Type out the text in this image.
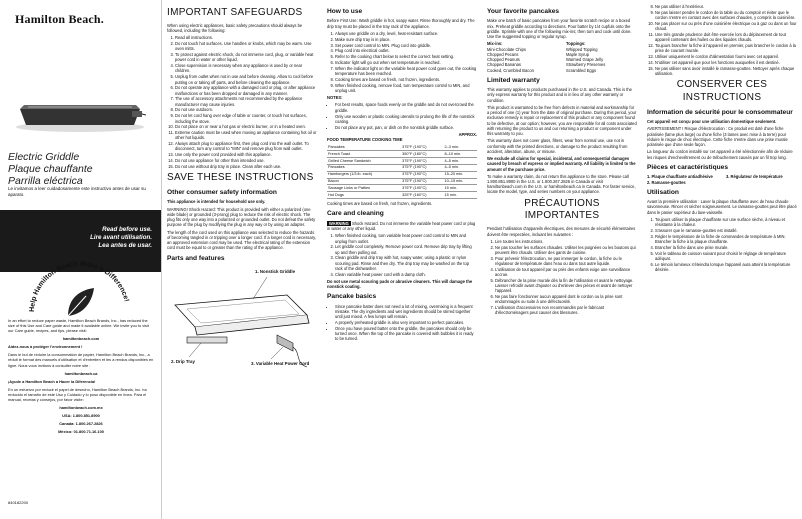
Hamilton Beach.

Electric Griddle

Plaque chauffante

Parrilla eléctrica

Le invitamos a leer cuidadosamente este instructivo antes de usar su aparato.
Read before use.
Lire avant utilisation.
Lea antes de usar.
Help Hamilton Beach Make a Difference!

In an effort to reduce paper waste, Hamilton Beach Brands, Inc., has reduced the size of this Use and Care guide and made it available online. We invite you to visit our Care guide, recipes, and tips, please visit:

hamiltonbeach.com

Aidez-nous à protéger l'environnement !

Dans le but de réduire la consommation de papier, Hamilton Beach Brands, Inc., a réduit le format des manuels d'utilisation et d'entretien et les a rendus disponibles en ligne. Nous vous invitons à consulter notre site :

hamiltonbeach.ca

¡Ayude a Hamilton Beach a Hacer la Diferencia!

En un esfuerzo por reducir el papel de desecho, Hamilton Beach Brands, Inc. ha reducido el tamaño de este Uso y Cuidado y lo puso disponible en línea. Para el manual, recetas y consejos, por favor visite:

hamiltonbeach.com.mx

USA: 1.800.851.8900

Canada: 1.800.267.2826

México: 01.800.71.16.100

840182200
IMPORTANT SAFEGUARDS

When using electric appliances, basic safety precautions should always be followed, including the following:

1. Read all instructions.
2. Do not touch hot surfaces. Use handles or knobs, which may be warm. Use oven mitts.
3. To protect against electric shock, do not immerse cord, plug, or variable heat power cord in water or other liquid.
4. Close supervision is necessary when any appliance is used by or near children.
5. Unplug from outlet when not in use and before cleaning. Allow to cool before putting on or taking off parts, and before cleaning the appliance.
6. Do not operate any appliance with a damaged cord or plug, or after appliance malfunctions or has been dropped or damaged in any manner.
7. The use of accessory attachments not recommended by the appliance manufacturer may cause injuries.
8. Do not use outdoors.
9. Do not let cord hang over edge of table or counter, or touch hot surfaces, including the stove.
10. Do not place on or near a hot gas or electric burner, or in a heated oven.
11. Extreme caution must be used when moving an appliance containing hot oil or other hot liquids.
12. Always attach plug to appliance first, then plug cord into the wall outlet. To disconnect, turn any control to "MIN" and remove plug from wall outlet.
13. Use only the power cord provided with this appliance.
14. Do not use appliance for other than intended use.
15. Do not use without drip tray in place. Clean after each use.
SAVE THESE INSTRUCTIONS
Other consumer safety information

This appliance is intended for household use only.

WARNING! Shock Hazard: This product is provided with either a polarized (one wide blade) or grounded (3-prong) plug to reduce the risk of electric shock. The plug fits only one way into a polarized or grounded outlet. Do not defeat the safety purpose of the plug by modifying the plug in any way or by using an adapter.

The length of the cord used on this appliance was selected to reduce the hazards of becoming tangled in or tripping over a longer cord. If a longer cord is necessary, an approved extension cord may be used. The electrical rating of the extension cord must be equal to or greater than the rating of the appliance.

Parts and features
1. Nonstick Griddle
2. Drip Tray	3. Variable Heat Power Cord
How to use

Before First Use: Wash griddle in hot, soapy water. Rinse thoroughly and dry. The drip tray must be placed in the tray rack of the appliance.

1. Always use griddle on a dry, level, heat-resistant surface.
2. Make sure drip tray is in place.
3. Set power cord control to MIN. Plug cord into griddle.
4. Plug cord into electrical outlet.
5. Refer to the cooking chart below to select the correct heat setting.
6. Indicator light will go out when set temperature is reached.
7. When the indicator light on the variable heat power cord goes out, the cooking temperature has been reached.
8. Cooking times are based on fresh, not frozen, ingredients.
9. When finished cooking, remove food, turn temperature control to MIN, and unplug unit.

NOTES:

• For best results, space foods evenly on the griddle and do not overcrowd the griddle.
• Only use wooden or plastic cooking utensils to prolong the life of the nonstick coating.
• Do not place any pot, pan, or dish on the nonstick griddle surface.

APPROX.

FOOD TEMPERATURE COOKING TIME

Pancakes	375°F (190°C)	2–3 min.
French Toast	350°F (180°C)	8–10 min.
Grilled Cheese Sandwich	375°F (190°C)	4–5 min.
Pancakes	375°F (190°C)	4–5 min.
Hamburgers (1/3 lb. each)	375°F (190°C)	15–20 min.
Bacon	375°F (190°C)	10–15 min.
Sausage Links or Patties	375°F (190°C)	15 min.
Hot Dogs	325°F (160°C)	15 min.

Cooking times are based on fresh, not frozen, ingredients.

Care and cleaning

WARNING Shock Hazard. Do not immerse the variable heat power cord or plug in water or any other liquid.

1. When finished cooking, turn variable heat power cord control to MIN and unplug from outlet.
2. Let griddle cool completely. Remove power cord. Remove drip tray by lifting up and then pulling out.
3. Clean griddle and drip tray with hot, soapy water, using a plastic or nylon scouring pad. Rinse and then dry. The drip tray may be washed on the top rack of the dishwasher.
4. Clean variable heat power cord with a damp cloth.

Do not use metal scouring pads or abrasive cleaners. This will damage the nonstick coating.

Pancake basics
• Since pancake batter does not need a lot of mixing, overmixing is a frequent mistake. The dry ingredients and wet ingredients should be stirred together until just mixed. A few lumps will remain.
• A properly preheated griddle is also very important to perfect pancakes.
• Once you have poured batter onto the griddle, the pancakes should only be turned once. When the top of the pancake is covered with bubbles it is ready to be turned.
Your favorite pancakes

Make one batch of basic pancakes from your favorite scratch recipe or a boxed mix. Preheat griddle according to directions. Pour batter by 1/4 cupfuls onto the griddle. Sprinkle with one of the following mix-ins; then turn and cook until done. Use the suggested topping or regular syrup.

Mix-ins:
Mini-Chocolate Chips
Chopped Pecans
Chopped Peanuts
Chopped Bananas
Cooked, Crumbled Bacon
Toppings:
Whipped Topping
Maple Syrup
Warmed Grape Jelly
Strawberry Preserves
Scrambled Eggs
Limited warranty

This warranty applies to products purchased in the U.S. and Canada. This is the only express warranty for this product and is in lieu of any other warranty or condition.

This product is warranted to be free from defects in material and workmanship for a period of one (1) year from the date of original purchase. During this period, your exclusive remedy is repair or replacement of this product or any component found to be defective, at our option; however, you are responsible for all costs associated with returning the product to us and our returning a product or component under this warranty to you.

This warranty does not cover glass, filters, wear from normal use, use not in conformity with the printed directions, or damage to the product resulting from accident, alteration, abuse, or misuse.

We exclude all claims for special, incidental, and consequential damages caused by breach of express or implied warranty. All liability is limited to the amount of the purchase price.

To make a warranty claim, do not return this appliance to the store. Please call 1.800.851.8900 in the U.S. or 1.800.267.2826 in Canada or visit hamiltonbeach.com in the U.S. or hamiltonbeach.ca in Canada. For faster service, locate the model, type, and series numbers on your appliance.

PRÉCAUTIONS IMPORTANTES

Pendant l'utilisation d'appareils électriques, des mesures de sécurité élémentaires doivent être respectées, incluant les suivantes :

1. Lire toutes les instructions.
2. Ne pas toucher les surfaces chaudes. Utiliser les poignées ou les boutons qui peuvent être chauds. Utiliser des gants de cuisine.
3. Pour prévenir l'électrocution, ne pas immerger le cordon, la fiche ou le régulateur de température dans l'eau ou dans tout autre liquide.
4. L'utilisation de tout appareil par ou près des enfants exige une surveillance accrue.
5. Débrancher de la prise murale dès la fin de l'utilisation et avant le nettoyage. Laisser refroidir avant d'ajouter ou d'enlever des pièces et avant de nettoyer l'appareil.
6. Ne pas faire fonctionner aucun appareil dont le cordon ou la prise sont endommagés ou suite à une défectuosité.
7. L'utilisation d'accessoires non recommandés par le fabricant d'électroménagers peut causer des blessures.
8. Ne pas utiliser à l'extérieur.
9. Ne pas laisser pendre le cordon de la table ou du comptoir et éviter que le cordon n'entre en contact avec des surfaces chaudes, y compris la cuisinière.
10. Ne pas placer sur ou près d'une cuisinière électrique ou à gaz ou dans un four chaud.
11. Une très grande prudence doit être exercée lors du déplacement de tout appareil contenant des huiles ou des liquides chauds.
12. Toujours brancher la fiche à l'appareil en premier, puis brancher le cordon à la prise de courant murale.
13. Utiliser uniquement le cordon d'alimentation fourni avec cet appareil.
14. N'utiliser cet appareil que pour les fonctions auxquelles il est destiné.
15. Ne pas utiliser sans avoir installé le ramasse-gouttes. Nettoyer après chaque utilisation.
CONSERVER CES INSTRUCTIONS
Information de sécurité pour le consommateur

Cet appareil est conçu pour une utilisation domestique seulement.

AVERTISSEMENT ! Risque d'électrocution : Ce produit est doté d'une fiche polarisée (lame plus large) ou d'une fiche (3 lames avec mise à la terre) pour réduire le risque de choc électrique. Cette fiche n'entre dans une prise murale polarisée que d'une seule façon.

La longueur du cordon installé sur cet appareil a été sélectionnée afin de réduire les risques d'enchevêtrement ou de trébuchement causés par un fil trop long.

Pièces et caractéristiques
1. Plaque chauffante antiadhésive
2. Ramasse-gouttes
3. Régulateur de température
Utilisation

Avant la première utilisation : Laver la plaque chauffante avec de l'eau chaude savonneuse. Rincer et sécher soigneusement. Le ramasse-gouttes peut être placé dans le panier supérieur du lave-vaisselle.

1. Toujours utiliser la plaque chauffante sur une surface sèche, à niveau et résistante à la chaleur.
2. S'assurer que le ramasse-gouttes est installé.
3. Régler le température de la fiche de commandes de température à MIN. Brancher la fiche à la plaque chauffante.
4. Brancher la fiche dans une prise murale.
5. Voir le tableau de cuisson suivant pour choisir le réglage de température adéquat.
6. Le témoin lumineux s'éteindra lorsque l'appareil aura atteint la température désirée.
